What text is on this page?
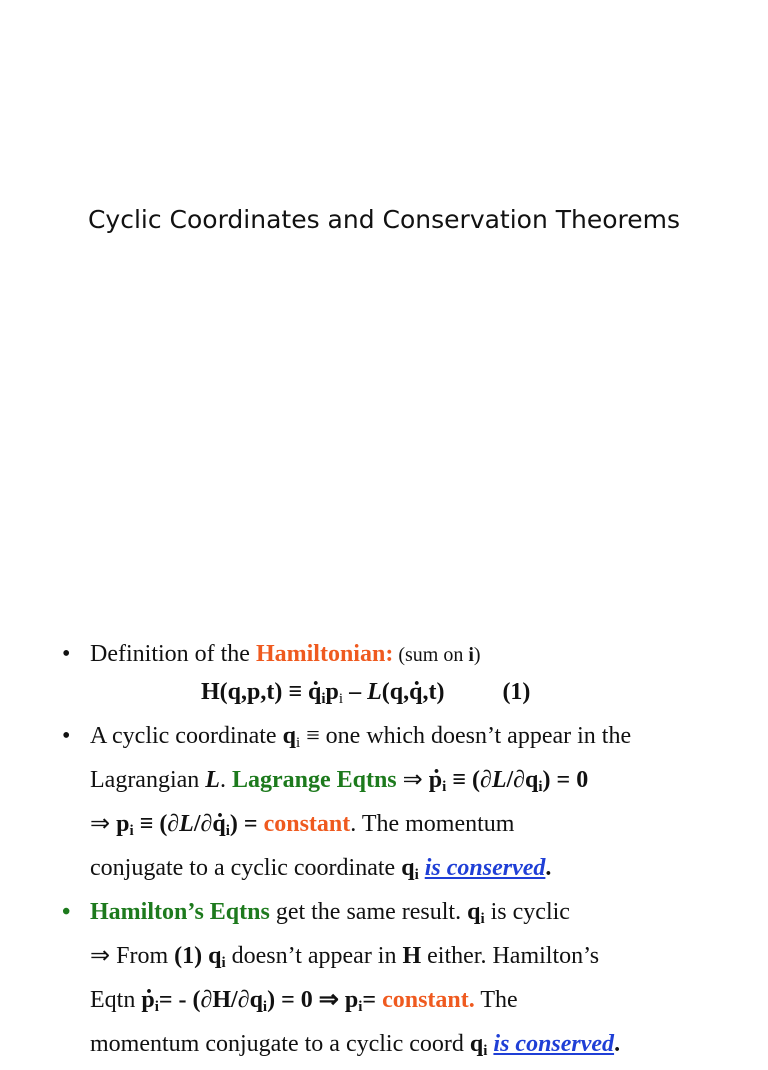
Cyclic Coordinates and Conservation Theorems
• Definition of the Hamiltonian: (sum on i)
H(q,p,t) ≡ . $q_ip_i - L(q$,. q,t) (1)
• A cyclic coordinate $q_i$ ≡ one which doesn’t appear in the
Lagrangian L. Lagrange Eqtns ⇒ . $p_i \equiv (\partial L/\partial q_i) = 0$
⇒ $p_i \equiv (\partial L/\partial$. $q_i$) = constant. The momentum
conjugate to a cyclic coordinate $q_i$ is conserved.
• Hamilton’s Eqtns get the same result. $q_i$ is cyclic
⇒ From (1) $q_i$ doesn’t appear in H either. Hamilton’s
Eqtn . $p_i= - (\partial H/\partial q_i) = 0$ ⇒ $p_i=$ constant. The
momentum conjugate to a cyclic coord $q_i$ is conserved.
